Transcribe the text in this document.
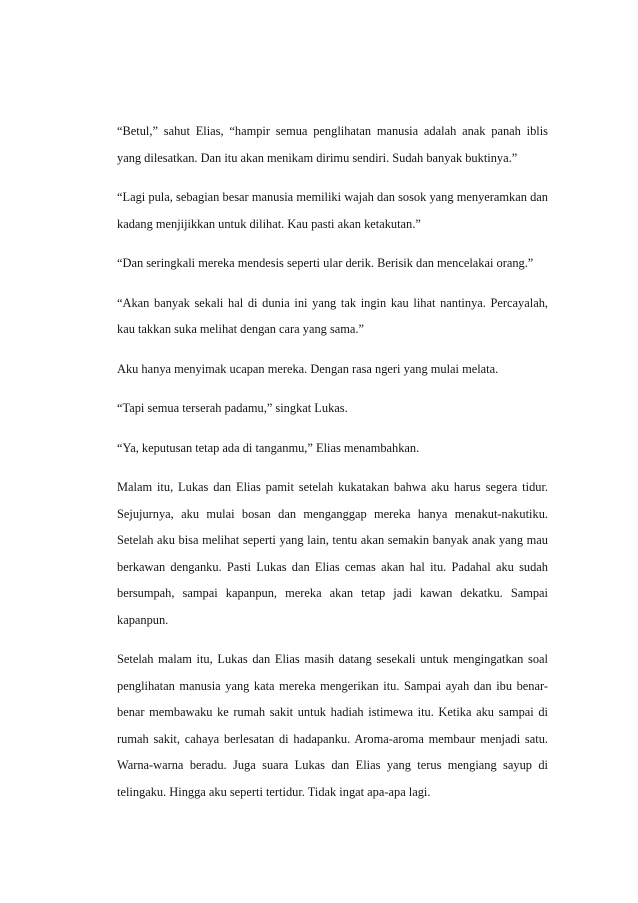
“Betul,” sahut Elias, “hampir semua penglihatan manusia adalah anak panah iblis yang dilesatkan. Dan itu akan menikam dirimu sendiri. Sudah banyak buktinya.”

“Lagi pula, sebagian besar manusia memiliki wajah dan sosok yang menyeramkan dan kadang menjijikkan untuk dilihat. Kau pasti akan ketakutan.”

“Dan seringkali mereka mendesis seperti ular derik. Berisik dan mencelakai orang.”

“Akan banyak sekali hal di dunia ini yang tak ingin kau lihat nantinya. Percayalah, kau takkan suka melihat dengan cara yang sama.”

Aku hanya menyimak ucapan mereka. Dengan rasa ngeri yang mulai melata.

“Tapi semua terserah padamu,” singkat Lukas.

“Ya, keputusan tetap ada di tanganmu,” Elias menambahkan.

Malam itu, Lukas dan Elias pamit setelah kukatakan bahwa aku harus segera tidur. Sejujurnya, aku mulai bosan dan menganggap mereka hanya menakut-nakutiku. Setelah aku bisa melihat seperti yang lain, tentu akan semakin banyak anak yang mau berkawan denganku. Pasti Lukas dan Elias cemas akan hal itu. Padahal aku sudah bersumpah, sampai kapanpun, mereka akan tetap jadi kawan dekatku. Sampai kapanpun.

Setelah malam itu, Lukas dan Elias masih datang sesekali untuk mengingatkan soal penglihatan manusia yang kata mereka mengerikan itu. Sampai ayah dan ibu benar-benar membawaku ke rumah sakit untuk hadiah istimewa itu. Ketika aku sampai di rumah sakit, cahaya berlesatan di hadapanku. Aroma-aroma membaur menjadi satu. Warna-warna beradu. Juga suara Lukas dan Elias yang terus mengiang sayup di telingaku. Hingga aku seperti tertidur. Tidak ingat apa-apa lagi.
